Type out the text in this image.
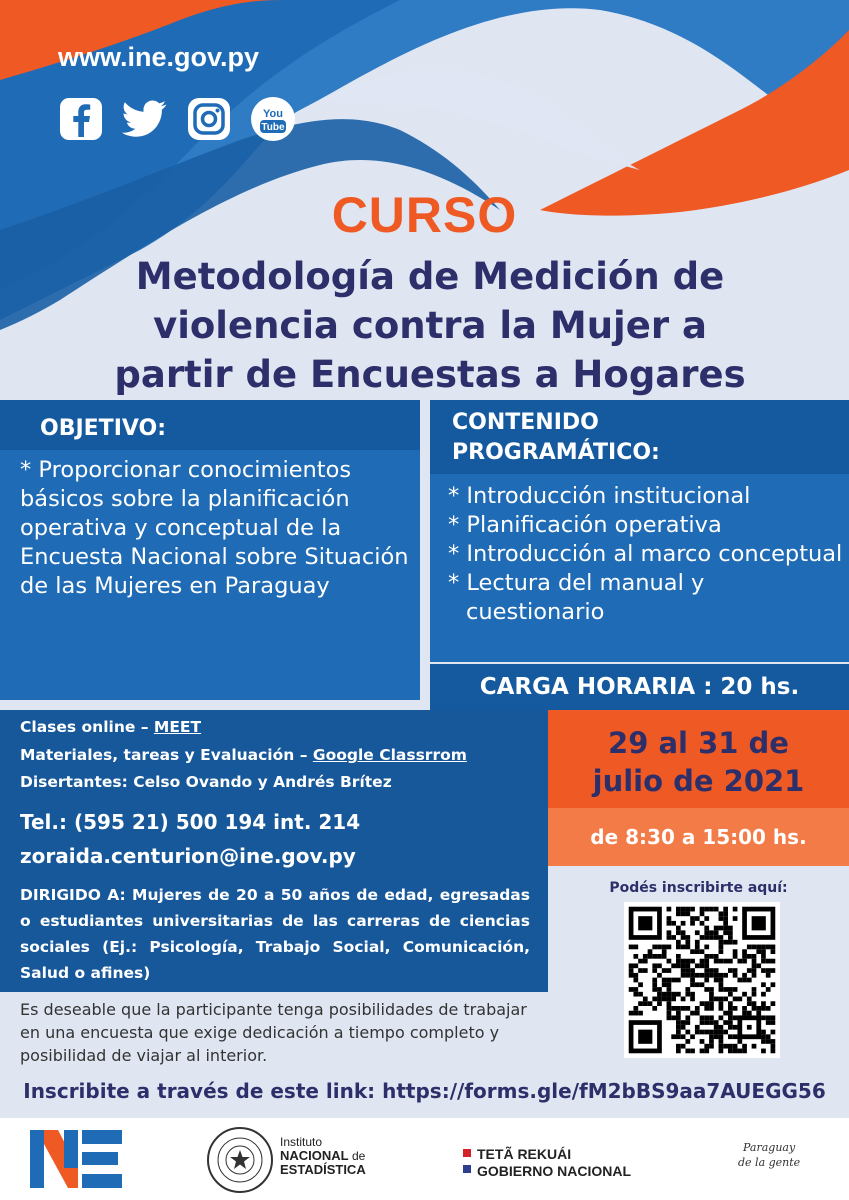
www.ine.gov.py
You
Tube
CURSO
Metodología de Medición de
violencia contra la Mujer a
partir de Encuestas a Hogares
OBJETIVO:
* Proporcionar conocimientos básicos sobre la planificación operativa y conceptual de la Encuesta Nacional sobre Situación de las Mujeres en Paraguay
CONTENIDO
PROGRAMÁTICO:
* Introducción institucional
* Planificación operativa
* Introducción al marco conceptual
* Lectura del manual y cuestionario
CARGA HORARIA : 20 hs.
Clases online – MEET
Materiales, tareas y Evaluación – Google Classrrom
Disertantes: Celso Ovando y Andrés Brítez
Tel.: (595 21) 500 194 int. 214
zoraida.centurion@ine.gov.py
29 al 31 de
julio de 2021
de 8:30 a 15:00 hs.
DIRIGIDO A: Mujeres de 20 a 50 años de edad, egresadas o estudiantes universitarias de las carreras de ciencias sociales (Ej.: Psicología, Trabajo Social, Comunicación, Salud o afines)
Es deseable que la participante tenga posibilidades de trabajar en una encuesta que exige dedicación a tiempo completo y posibilidad de viajar al interior.
Podés inscribirte aquí:
Inscribite a través de este link: https://forms.gle/fM2bBS9aa7AUEGG56
Instituto
NACIONAL de
ESTADÍSTICA
TETÃ REKUÁI
GOBIERNO NACIONAL
Paraguay
de la gente
